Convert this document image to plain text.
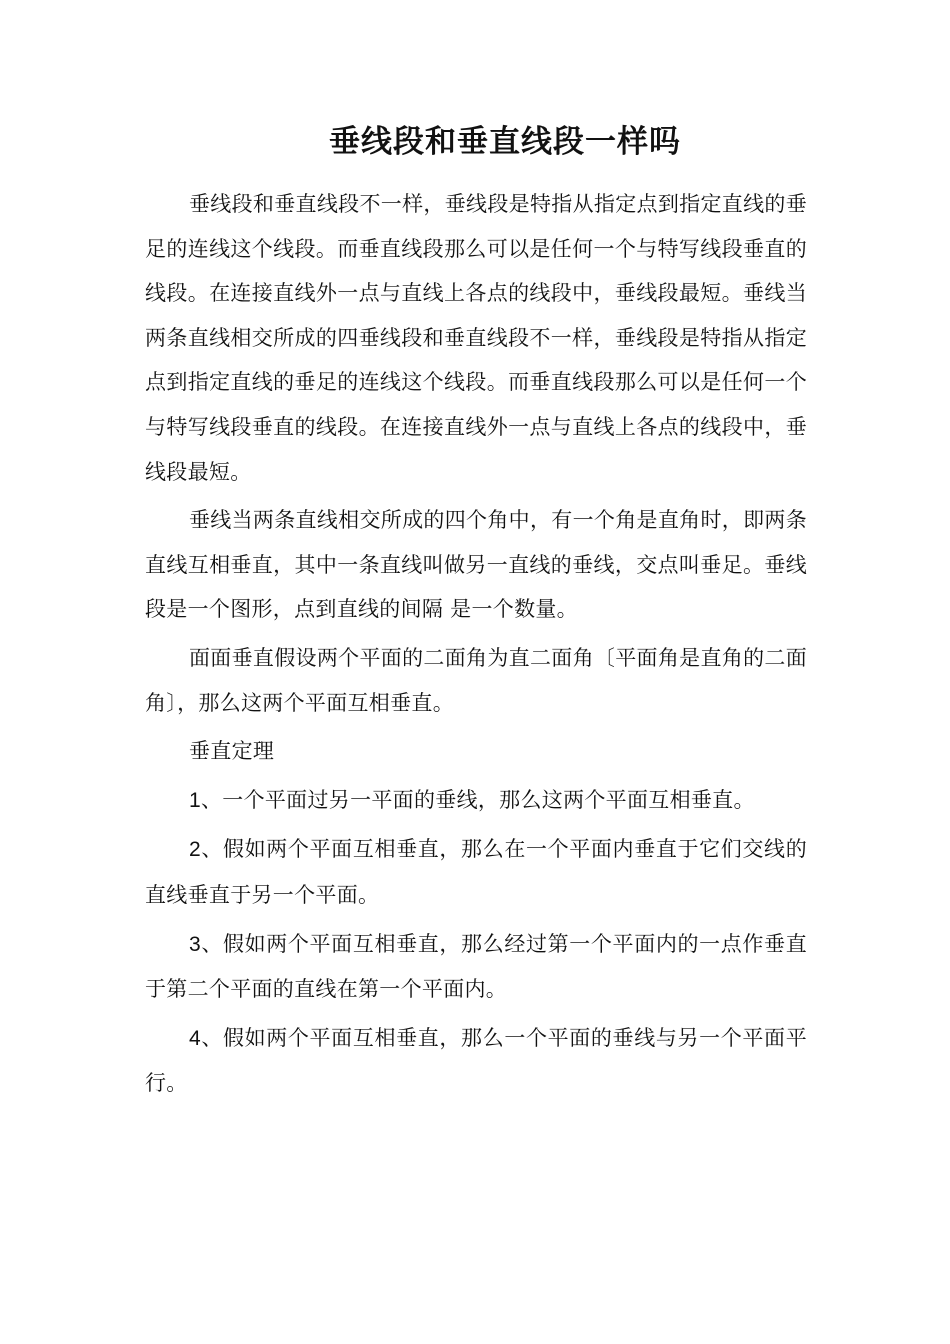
垂线段和垂直线段一样吗

垂线段和垂直线段不一样，垂线段是特指从指定点到指定直线的垂足的连线这个线段。而垂直线段那么可以是任何一个与特写线段垂直的线段。在连接直线外一点与直线上各点的线段中，垂线段最短。垂线当两条直线相交所成的四垂线段和垂直线段不一样，垂线段是特指从指定点到指定直线的垂足的连线这个线段。而垂直线段那么可以是任何一个与特写线段垂直的线段。在连接直线外一点与直线上各点的线段中，垂线段最短。

垂线当两条直线相交所成的四个角中，有一个角是直角时，即两条直线互相垂直，其中一条直线叫做另一直线的垂线，交点叫垂足。垂线段是一个图形，点到直线的间隔 是一个数量。

面面垂直假设两个平面的二面角为直二面角〔平面角是直角的二面角〕，那么这两个平面互相垂直。

垂直定理

1、一个平面过另一平面的垂线，那么这两个平面互相垂直。

2、假如两个平面互相垂直，那么在一个平面内垂直于它们交线的直线垂直于另一个平面。

3、假如两个平面互相垂直，那么经过第一个平面内的一点作垂直于第二个平面的直线在第一个平面内。

4、假如两个平面互相垂直，那么一个平面的垂线与另一个平面平行。
